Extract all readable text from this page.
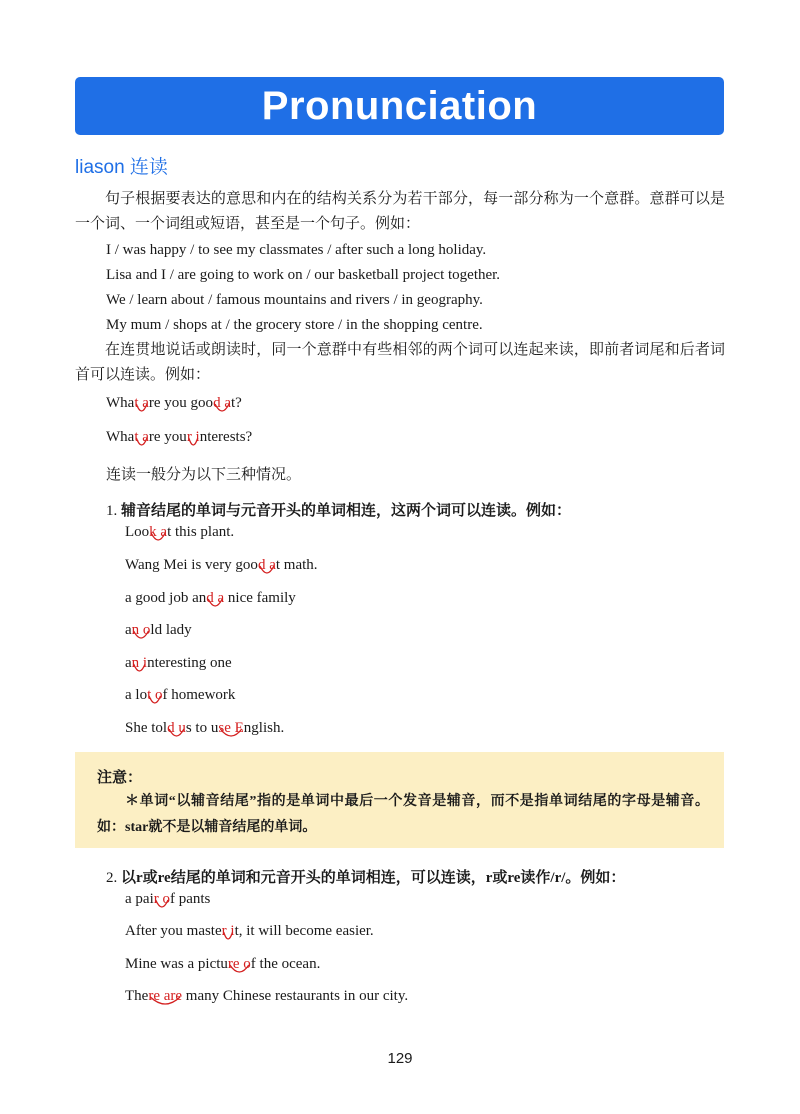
Pronunciation
liason 连读

句子根据要表达的意思和内在的结构关系分为若干部分，每一部分称为一个意群。意群可以是一个词、一个词组或短语，甚至是一个句子。例如：

I / was happy / to see my classmates / after such a long holiday.
Lisa and I / are going to work on / our basketball project together.
We / learn about / famous mountains and rivers / in geography.
My mum / shops at / the grocery store / in the shopping centre.

在连贯地说话或朗读时，同一个意群中有些相邻的两个词可以连起来读，即前者词尾和后者词首可以连读。例如：

What are you good at?
What are your interests?
连读一般分为以下三种情况。
1. 辅音结尾的单词与元音开头的单词相连，这两个词可以连读。例如：
Look at this plant.
Wang Mei is very good at math.
a good job and a nice family
an old lady
an interesting one
a lot of homework
She told us to use English.
注意：

＊单词“以辅音结尾”指的是单词中最后一个发音是辅音，而不是指单词结尾的字母是辅音。如：star就不是以辅音结尾的单词。

2. 以r或re结尾的单词和元音开头的单词相连，可以连读，r或re读作/r/。例如：
a pair of pants
After you master it, it will become easier.
Mine was a picture of the ocean.
There are many Chinese restaurants in our city.
129
